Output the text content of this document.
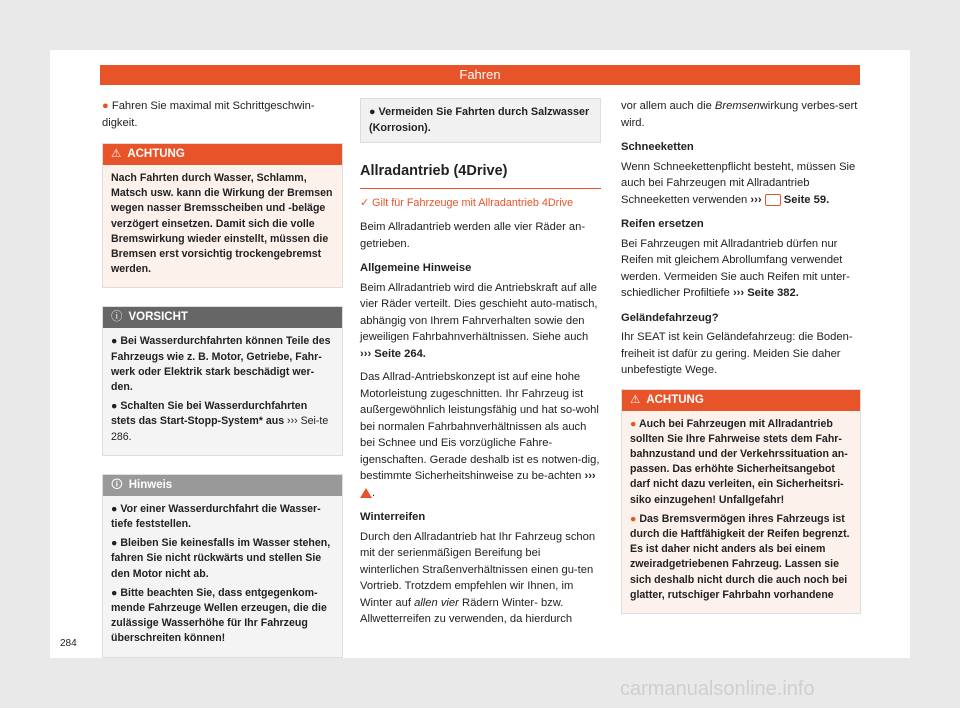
Fahren

● Fahren Sie maximal mit Schrittgeschwin-digkeit.

⚠ ACHTUNG

Nach Fahrten durch Wasser, Schlamm, Matsch usw. kann die Wirkung der Bremsen wegen nasser Bremsscheiben und -beläge verzögert einsetzen. Damit sich die volle Bremswirkung wieder einstellt, müssen die Bremsen erst vorsichtig trockengebremst werden.

ⓘ VORSICHT

● Bei Wasserdurchfahrten können Teile des Fahrzeugs wie z. B. Motor, Getriebe, Fahr-werk oder Elektrik stark beschädigt wer-den.

● Schalten Sie bei Wasserdurchfahrten stets das Start-Stopp-System* aus ››› Sei-te 286.

🛈 Hinweis

● Vor einer Wasserdurchfahrt die Wasser-tiefe feststellen.

● Bleiben Sie keinesfalls im Wasser stehen, fahren Sie nicht rückwärts und stellen Sie den Motor nicht ab.

● Bitte beachten Sie, dass entgegenkom-mende Fahrzeuge Wellen erzeugen, die die zulässige Wasserhöhe für Ihr Fahrzeug überschreiten können!

● Vermeiden Sie Fahrten durch Salzwasser (Korrosion).
Allradantrieb (4Drive)
✓ Gilt für Fahrzeuge mit Allradantrieb 4Drive

Beim Allradantrieb werden alle vier Räder an-getrieben.

Allgemeine Hinweise

Beim Allradantrieb wird die Antriebskraft auf alle vier Räder verteilt. Dies geschieht auto-matisch, abhängig von Ihrem Fahrverhalten sowie den jeweiligen Fahrbahnverhältnissen. Siehe auch ››› Seite 264.

Das Allrad-Antriebskonzept ist auf eine hohe Motorleistung zugeschnitten. Ihr Fahrzeug ist außergewöhnlich leistungsfähig und hat so-wohl bei normalen Fahrbahnverhältnissen als auch bei Schnee und Eis vorzügliche Fahre-igenschaften. Gerade deshalb ist es notwen-dig, bestimmte Sicherheitshinweise zu be-achten ››› .

Winterreifen

Durch den Allradantrieb hat Ihr Fahrzeug schon mit der serienmäßigen Bereifung bei winterlichen Straßenverhältnissen einen gu-ten Vortrieb. Trotzdem empfehlen wir Ihnen, im Winter auf allen vier Rädern Winter- bzw. Allwetterreifen zu verwenden, da hierdurch

vor allem auch die Bremsenwirkung verbes-sert wird.

Schneeketten

Wenn Schneekettenpflicht besteht, müssen Sie auch bei Fahrzeugen mit Allradantrieb Schneeketten verwenden ›››  Seite 59.

Reifen ersetzen

Bei Fahrzeugen mit Allradantrieb dürfen nur Reifen mit gleichem Abrollumfang verwendet werden. Vermeiden Sie auch Reifen mit unter-schiedlicher Profiltiefe ››› Seite 382.

Geländefahrzeug?

Ihr SEAT ist kein Geländefahrzeug: die Boden-freiheit ist dafür zu gering. Meiden Sie daher unbefestigte Wege.

⚠ ACHTUNG

● Auch bei Fahrzeugen mit Allradantrieb sollten Sie Ihre Fahrweise stets dem Fahr-bahnzustand und der Verkehrssituation an-passen. Das erhöhte Sicherheitsangebot darf nicht dazu verleiten, ein Sicherheitsri-siko einzugehen! Unfallgefahr!

● Das Bremsvermögen ihres Fahrzeugs ist durch die Haftfähigkeit der Reifen begrenzt. Es ist daher nicht anders als bei einem zweiradgetriebenen Fahrzeug. Lassen sie sich deshalb nicht durch die auch noch bei glatter, rutschiger Fahrbahn vorhandene

284
carmanualsonline.info
